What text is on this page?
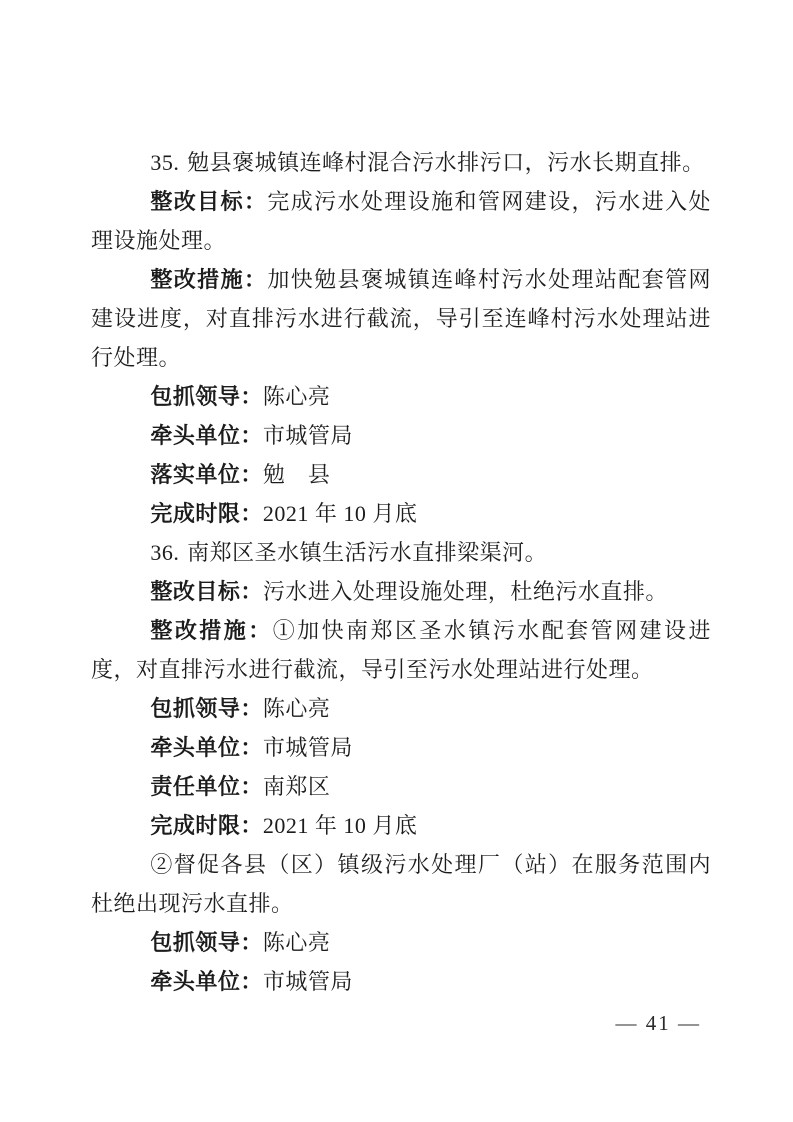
35. 勉县褒城镇连峰村混合污水排污口，污水长期直排。

整改目标：完成污水处理设施和管网建设，污水进入处理设施处理。

整改措施：加快勉县褒城镇连峰村污水处理站配套管网建设进度，对直排污水进行截流，导引至连峰村污水处理站进行处理。

包抓领导：陈心亮

牵头单位：市城管局

落实单位：勉　县

完成时限：2021 年 10 月底

36. 南郑区圣水镇生活污水直排梁渠河。

整改目标：污水进入处理设施处理，杜绝污水直排。

整改措施：①加快南郑区圣水镇污水配套管网建设进度，对直排污水进行截流，导引至污水处理站进行处理。

包抓领导：陈心亮

牵头单位：市城管局

责任单位：南郑区

完成时限：2021 年 10 月底

②督促各县（区）镇级污水处理厂（站）在服务范围内杜绝出现污水直排。

包抓领导：陈心亮

牵头单位：市城管局

— 41 —
